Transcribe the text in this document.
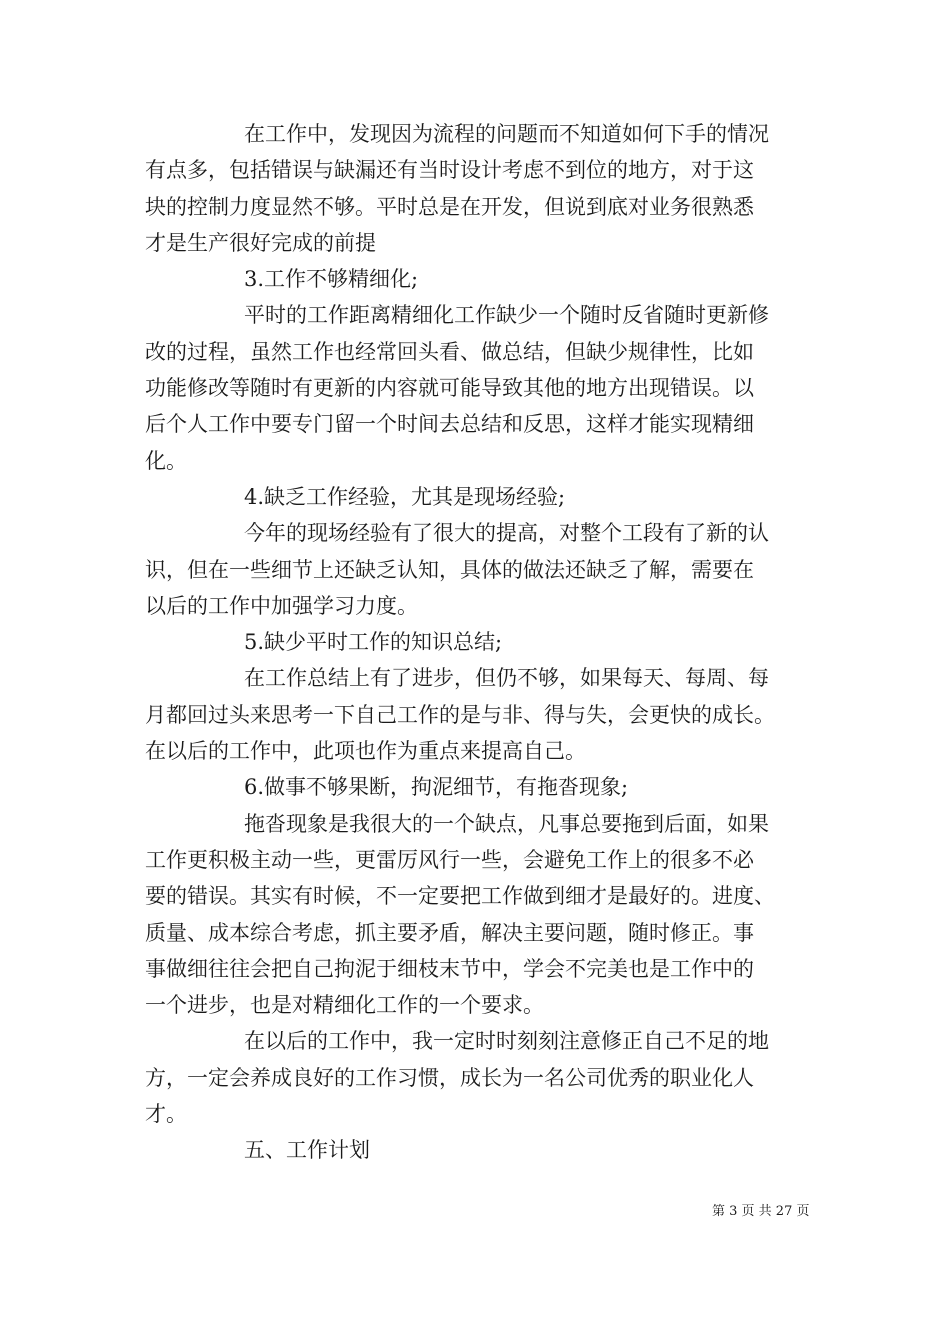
在工作中，发现因为流程的问题而不知道如何下手的情况
有点多，包括错误与缺漏还有当时设计考虑不到位的地方，对于这
块的控制力度显然不够。平时总是在开发，但说到底对业务很熟悉
才是生产很好完成的前提
3.工作不够精细化;
平时的工作距离精细化工作缺少一个随时反省随时更新修
改的过程，虽然工作也经常回头看、做总结，但缺少规律性，比如
功能修改等随时有更新的内容就可能导致其他的地方出现错误。以
后个人工作中要专门留一个时间去总结和反思，这样才能实现精细
化。
4.缺乏工作经验，尤其是现场经验;
今年的现场经验有了很大的提高，对整个工段有了新的认
识，但在一些细节上还缺乏认知，具体的做法还缺乏了解，需要在
以后的工作中加强学习力度。
5.缺少平时工作的知识总结;
在工作总结上有了进步，但仍不够，如果每天、每周、每
月都回过头来思考一下自己工作的是与非、得与失，会更快的成长。
在以后的工作中，此项也作为重点来提高自己。
6.做事不够果断，拘泥细节，有拖沓现象;
拖沓现象是我很大的一个缺点，凡事总要拖到后面，如果
工作更积极主动一些，更雷厉风行一些，会避免工作上的很多不必
要的错误。其实有时候，不一定要把工作做到细才是最好的。进度、
质量、成本综合考虑，抓主要矛盾，解决主要问题，随时修正。事
事做细往往会把自己拘泥于细枝末节中，学会不完美也是工作中的
一个进步，也是对精细化工作的一个要求。
在以后的工作中，我一定时时刻刻注意修正自己不足的地
方，一定会养成良好的工作习惯，成长为一名公司优秀的职业化人
才。
五、工作计划
第 3 页 共 27 页
